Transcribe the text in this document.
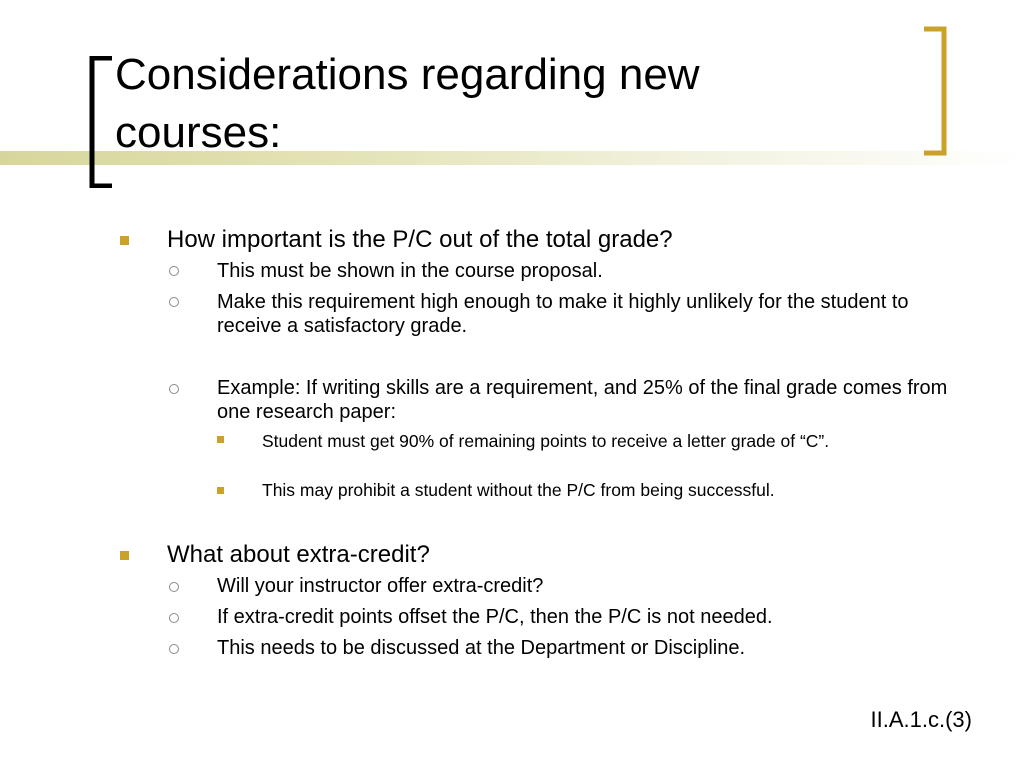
Considerations regarding new courses:
How important is the P/C out of the total grade?
This must be shown in the course proposal.
Make this requirement high enough to make it highly unlikely for the student to receive a satisfactory grade.
Example: If writing skills are a requirement, and 25% of the final grade comes from one research paper:
Student must get 90% of remaining points to receive a letter grade of “C”.
This may prohibit a student without the P/C from being successful.
What about extra-credit?
Will your instructor offer extra-credit?
If extra-credit points offset the P/C, then the P/C is not needed.
This needs to be discussed at the Department or Discipline.
II.A.1.c.(3)
